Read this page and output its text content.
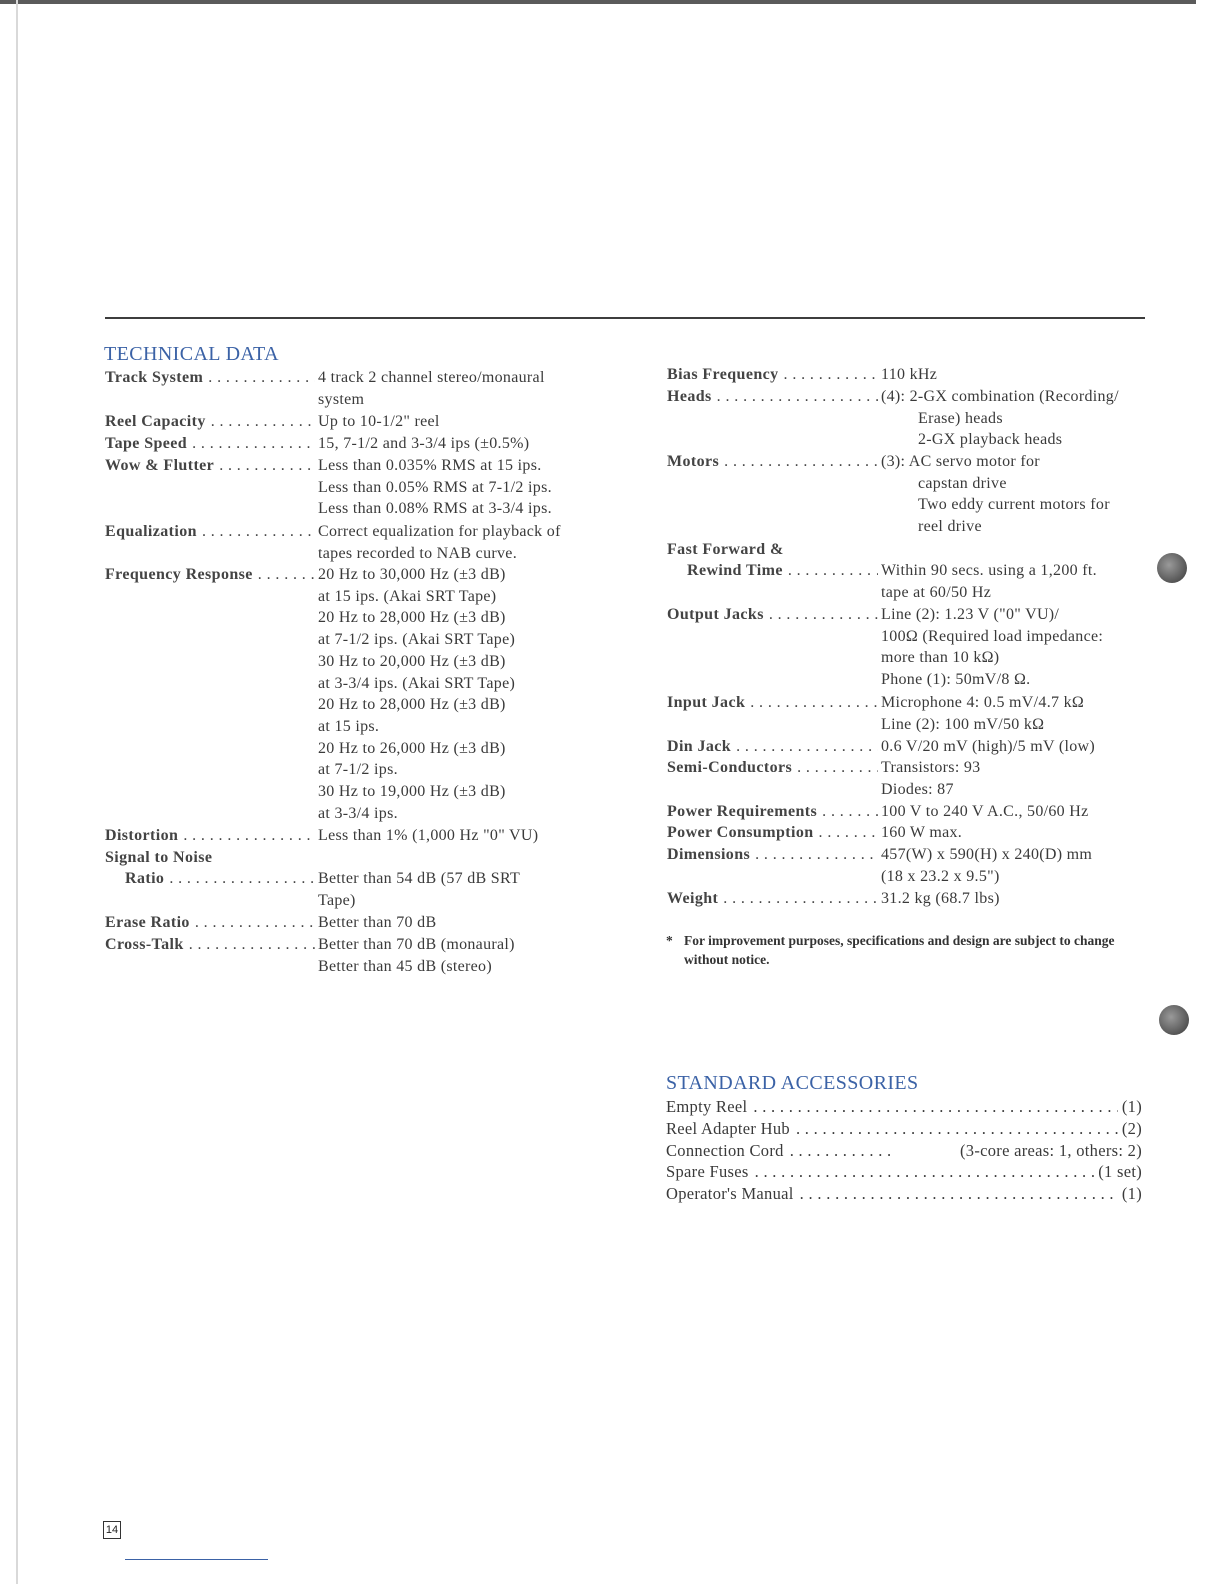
TECHNICAL DATA
Track System . . .	4 track 2 channel stereo/monaural
system
Reel Capacity . . .	Up to 10-1/2" reel
Tape Speed . . .	15, 7-1/2 and 3-3/4 ips (±0.5%)
Wow & Flutter . . .	Less than 0.035% RMS at 15 ips.
Less than 0.05% RMS at 7-1/2 ips.
Less than 0.08% RMS at 3-3/4 ips.
Equalization . . .	Correct equalization for playback of
tapes recorded to NAB curve.
Frequency Response . . .	20 Hz to 30,000 Hz (±3 dB)
at 15 ips. (Akai SRT Tape)
20 Hz to 28,000 Hz (±3 dB)
at 7-1/2 ips. (Akai SRT Tape)
30 Hz to 20,000 Hz (±3 dB)
at 3-3/4 ips. (Akai SRT Tape)
20 Hz to 28,000 Hz (±3 dB)
at 15 ips.
20 Hz to 26,000 Hz (±3 dB)
at 7-1/2 ips.
30 Hz to 19,000 Hz (±3 dB)
at 3-3/4 ips.
Distortion . . .	Less than 1% (1,000 Hz "0" VU)
Signal to Noise
Ratio . . .	Better than 54 dB (57 dB SRT
Tape)
Erase Ratio . . .	Better than 70 dB
Cross-Talk . . .	Better than 70 dB (monaural)
Better than 45 dB (stereo)
Bias Frequency . . .	110 kHz
Heads . . .	(4): 2-GX combination (Recording/
Erase) heads
2-GX playback heads
Motors . . .	(3): AC servo motor for
capstan drive
Two eddy current motors for
reel drive
Fast Forward &
Rewind Time . . .	Within 90 secs. using a 1,200 ft.
tape at 60/50 Hz
Output Jacks . . .	Line (2): 1.23 V ("0" VU)/
100Ω (Required load impedance:
more than 10 kΩ)
Phone (1): 50mV/8 Ω.
Input Jack . . .	Microphone 4: 0.5 mV/4.7 kΩ
Line (2): 100 mV/50 kΩ
Din Jack . . .	0.6 V/20 mV (high)/5 mV (low)
Semi-Conductors . . .	Transistors: 93
Diodes: 87
Power Requirements . . .	100 V to 240 V A.C., 50/60 Hz
Power Consumption . . .	160 W max.
Dimensions . . .	457(W) x 590(H) x 240(D) mm
(18 x 23.2 x 9.5")
Weight . . .	31.2 kg (68.7 lbs)
* For improvement purposes, specifications and design are subject to change without notice.
STANDARD ACCESSORIES
Empty Reel . . .	(1)
Reel Adapter Hub . . .	(2)
Connection Cord . . .	(3-core areas: 1, others: 2)
Spare Fuses . . .	(1 set)
Operator's Manual . . .	(1)
14
